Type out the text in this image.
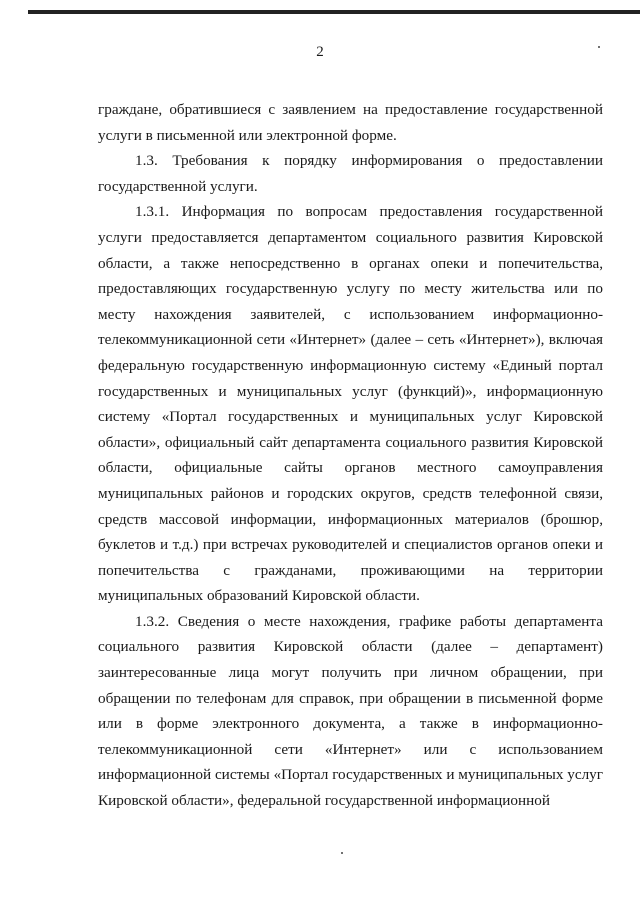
2

граждане, обратившиеся с заявлением на предоставление государственной услуги в письменной или электронной форме.

1.3. Требования к порядку информирования о предоставлении государственной услуги.

1.3.1. Информация по вопросам предоставления государственной услуги предоставляется департаментом социального развития Кировской области, а также непосредственно в органах опеки и попечительства, предоставляющих государственную услугу по месту жительства или по месту нахождения заявителей, с использованием информационно-телекоммуникационной сети «Интернет» (далее – сеть «Интернет»), включая федеральную государственную информационную систему «Единый портал государственных и муниципальных услуг (функций)», информационную систему «Портал государственных и муниципальных услуг Кировской области», официальный сайт департамента социального развития Кировской области, официальные сайты органов местного самоуправления муниципальных районов и городских округов, средств телефонной связи, средств массовой информации, информационных материалов (брошюр, буклетов и т.д.) при встречах руководителей и специалистов органов опеки и попечительства с гражданами, проживающими на территории муниципальных образований Кировской области.

1.3.2. Сведения о месте нахождения, графике работы департамента социального развития Кировской области (далее – департамент) заинтересованные лица могут получить при личном обращении, при обращении по телефонам для справок, при обращении в письменной форме или в форме электронного документа, а также в информационно-телекоммуникационной сети «Интернет» или с использованием информационной системы «Портал государственных и муниципальных услуг Кировской области», федеральной государственной информационной
